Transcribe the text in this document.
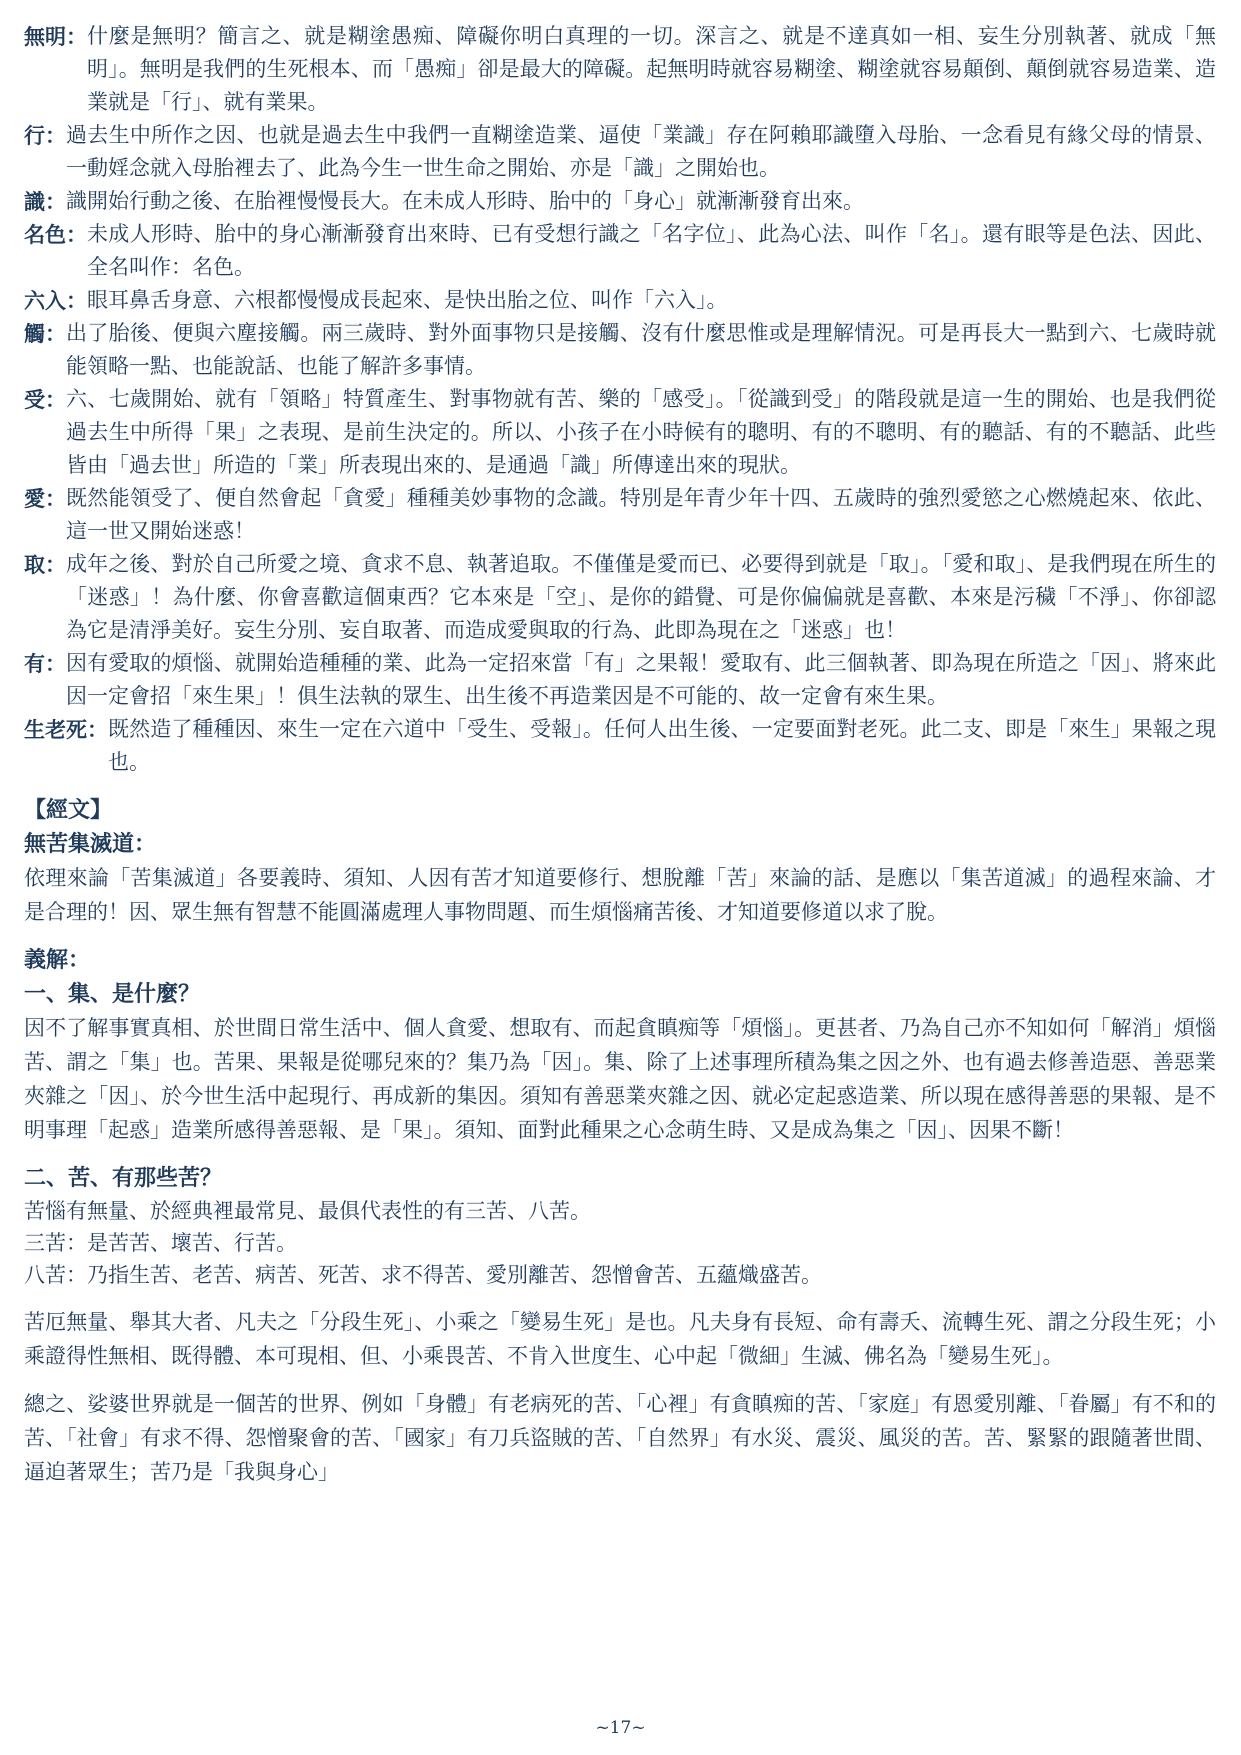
無明： 什麼是無明？簡言之、就是糊塗愚痴、障礙你明白真理的一切。深言之、就是不達真如一相、妄生分別執著、就成「無明」。無明是我們的生死根本、而「愚痴」卻是最大的障礙。起無明時就容易糊塗、糊塗就容易顛倒、顛倒就容易造業、造業就是「行」、就有業果。
行： 過去生中所作之因、也就是過去生中我們一直糊塗造業、逼使「業識」存在阿賴耶識墮入母胎、一念看見有緣父母的情景、一動婬念就入母胎裡去了、此為今生一世生命之開始、亦是「識」之開始也。
識： 識開始行動之後、在胎裡慢慢長大。在未成人形時、胎中的「身心」就漸漸發育出來。
名色： 未成人形時、胎中的身心漸漸發育出來時、已有受想行識之「名字位」、此為心法、叫作「名」。還有眼等是色法、因此、全名叫作：名色。
六入： 眼耳鼻舌身意、六根都慢慢成長起來、是快出胎之位、叫作「六入」。
觸： 出了胎後、便與六塵接觸。兩三歲時、對外面事物只是接觸、沒有什麼思惟或是理解情況。可是再長大一點到六、七歲時就能領略一點、也能說話、也能了解許多事情。
受： 六、七歲開始、就有「領略」特質產生、對事物就有苦、樂的「感受」。「從識到受」的階段就是這一生的開始、也是我們從過去生中所得「果」之表現、是前生決定的。所以、小孩子在小時候有的聰明、有的不聰明、有的聽話、有的不聽話、此些皆由「過去世」所造的「業」所表現出來的、是通過「識」所傳達出來的現狀。
愛： 既然能領受了、便自然會起「貪愛」種種美妙事物的念識。特別是年青少年十四、五歲時的強烈愛慾之心燃燒起來、依此、這一世又開始迷惑！
取： 成年之後、對於自己所愛之境、貪求不息、執著追取。不僅僅是愛而已、必要得到就是「取」。「愛和取」、是我們現在所生的「迷惑」！為什麼、你會喜歡這個東西？它本來是「空」、是你的錯覺、可是你偏偏就是喜歡、本來是污穢「不淨」、你卻認為它是清淨美好。妄生分別、妄自取著、而造成愛與取的行為、此即為現在之「迷惑」也！
有： 因有愛取的煩惱、就開始造種種的業、此為一定招來當「有」之果報！愛取有、此三個執著、即為現在所造之「因」、將來此因一定會招「來生果」！俱生法執的眾生、出生後不再造業因是不可能的、故一定會有來生果。
生老死： 既然造了種種因、來生一定在六道中「受生、受報」。任何人出生後、一定要面對老死。此二支、即是「來生」果報之現也。
【經文】
無苦集滅道：
依理來論「苦集滅道」各要義時、須知、人因有苦才知道要修行、想脫離「苦」來論的話、是應以「集苦道滅」的過程來論、才是合理的！因、眾生無有智慧不能圓滿處理人事物問題、而生煩惱痛苦後、才知道要修道以求了脫。
義解：
一、集、是什麼？
因不了解事實真相、於世間日常生活中、個人貪愛、想取有、而起貪瞋痴等「煩惱」。更甚者、乃為自己亦不知如何「解消」煩惱苦、謂之「集」也。苦果、果報是從哪兒來的？集乃為「因」。集、除了上述事理所積為集之因之外、也有過去修善造惡、善惡業夾雜之「因」、於今世生活中起現行、再成新的集因。須知有善惡業夾雜之因、就必定起惑造業、所以現在感得善惡的果報、是不明事理「起惑」造業所感得善惡報、是「果」。須知、面對此種果之心念萌生時、又是成為集之「因」、因果不斷！
二、苦、有那些苦？
苦惱有無量、於經典裡最常見、最俱代表性的有三苦、八苦。
三苦：是苦苦、壞苦、行苦。
八苦：乃指生苦、老苦、病苦、死苦、求不得苦、愛別離苦、怨憎會苦、五蘊熾盛苦。
苦厄無量、舉其大者、凡夫之「分段生死」、小乘之「變易生死」是也。凡夫身有長短、命有壽夭、流轉生死、謂之分段生死；小乘證得性無相、既得體、本可現相、但、小乘畏苦、不肯入世度生、心中起「微細」生滅、佛名為「變易生死」。
總之、娑婆世界就是一個苦的世界、例如「身體」有老病死的苦、「心裡」有貪瞋痴的苦、「家庭」有恩愛別離、「眷屬」有不和的苦、「社會」有求不得、怨憎聚會的苦、「國家」有刀兵盜賊的苦、「自然界」有水災、震災、風災的苦。苦、緊緊的跟隨著世間、逼迫著眾生；苦乃是「我與身心」
~17~
